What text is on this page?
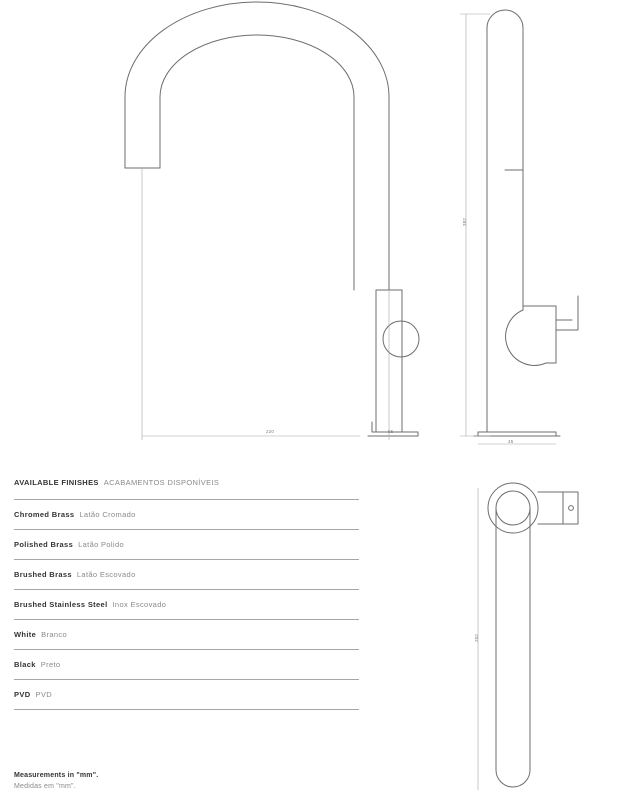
220	55
382
45
202
AVAILABLE FINISHES ACABAMENTOS DISPONÍVEIS
Chromed Brass Latão Cromado
Polished Brass Latão Polido
Brushed Brass Latão Escovado
Brushed Stainless Steel Inox Escovado
White Branco
Black Preto
PVD PVD
Measurements in "mm".
Medidas em "mm".
